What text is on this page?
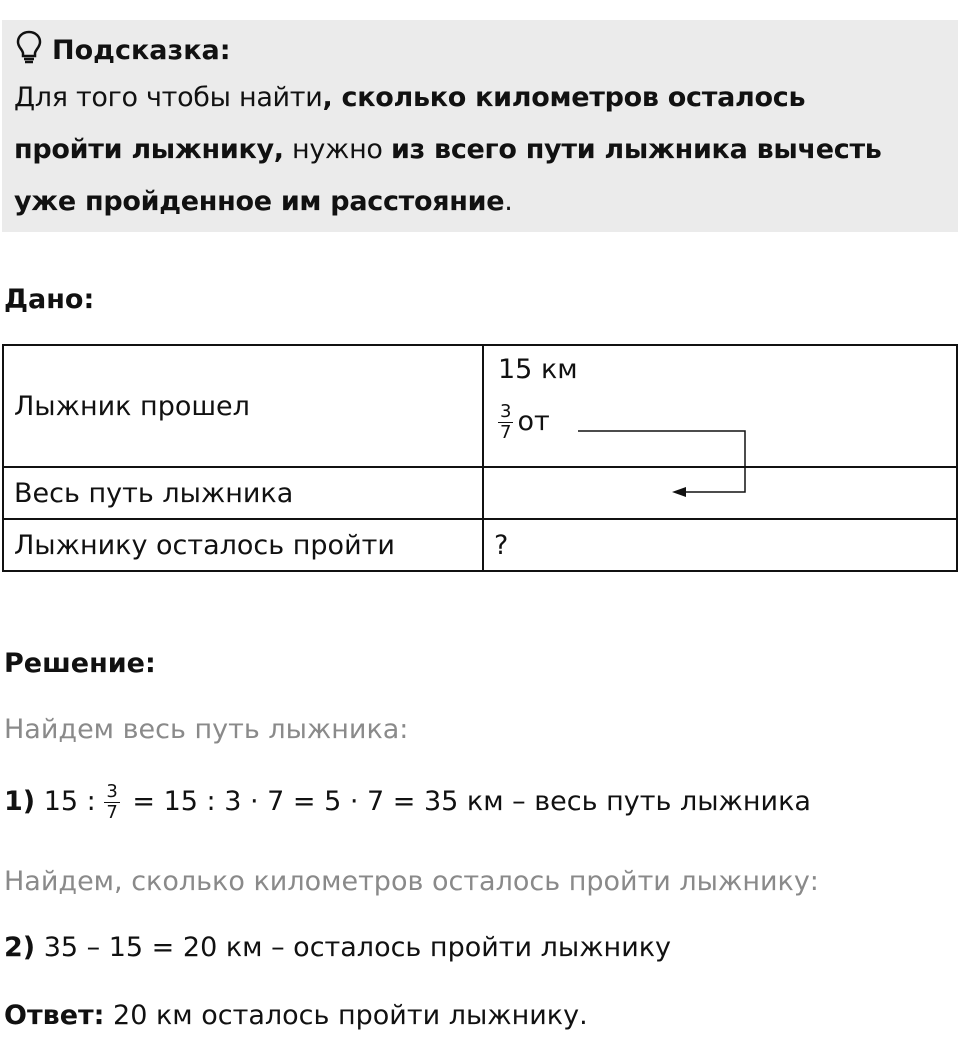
Подсказка:
Для того чтобы найти, сколько километров осталось
пройти лыжнику, нужно из всего пути лыжника вычесть
уже пройденное им расстояние.
Дано:
Лыжник прошел	15 км
$\frac{3}{7}$ от

Весь путь лыжника	
Лыжнику осталось пройти	?
Решение:
Найдем весь путь лыжника:
1) 15 : $\frac{3}{7} = 15$ : 3 · 7 = 5 · 7 = 35 км – весь путь лыжника
Найдем, сколько километров осталось пройти лыжнику:
2) 35 – 15 = 20 км – осталось пройти лыжнику
Ответ: 20 км осталось пройти лыжнику.
